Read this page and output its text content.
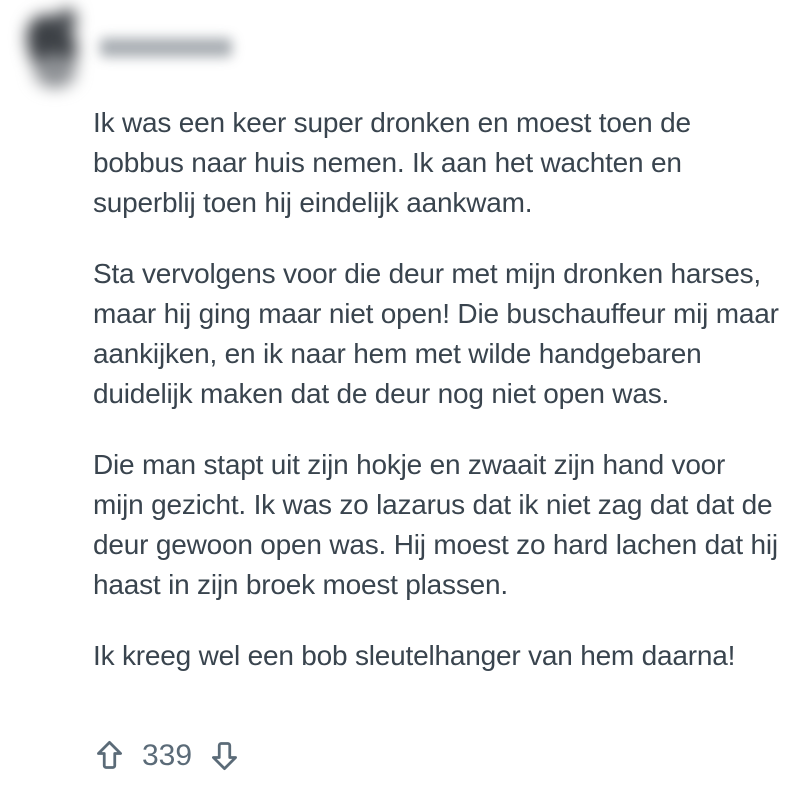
Ik was een keer super dronken en moest toen de bobbus naar huis nemen. Ik aan het wachten en superblij toen hij eindelijk aankwam.

Sta vervolgens voor die deur met mijn dronken harses, maar hij ging maar niet open! Die buschauffeur mij maar aankijken, en ik naar hem met wilde handgebaren duidelijk maken dat de deur nog niet open was.

Die man stapt uit zijn hokje en zwaait zijn hand voor mijn gezicht. Ik was zo lazarus dat ik niet zag dat dat de deur gewoon open was. Hij moest zo hard lachen dat hij haast in zijn broek moest plassen.

Ik kreeg wel een bob sleutelhanger van hem daarna!

339
